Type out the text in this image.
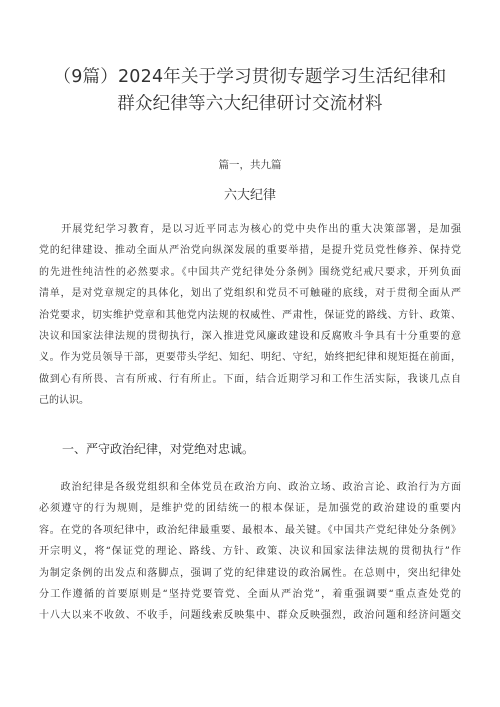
（9篇）2024年关于学习贯彻专题学习生活纪律和
群众纪律等六大纪律研讨交流材料
篇一，共九篇
六大纪律
　　开展党纪学习教育，是以习近平同志为核心的党中央作出的重大决策部署，是加强
党的纪律建设、推动全面从严治党向纵深发展的重要举措，是提升党员党性修养、保持党
的先进性纯洁性的必然要求。《中国共产党纪律处分条例》围绕党纪戒尺要求，开列负面
清单，是对党章规定的具体化，划出了党组织和党员不可触碰的底线，对于贯彻全面从严
治党要求，切实维护党章和其他党内法规的权威性、严肃性，保证党的路线、方针、政策、
决议和国家法律法规的贯彻执行，深入推进党风廉政建设和反腐败斗争具有十分重要的意
义。作为党员领导干部，更要带头学纪、知纪、明纪、守纪，始终把纪律和规矩挺在前面，
做到心有所畏、言有所戒、行有所止。下面，结合近期学习和工作生活实际，我谈几点自
己的认识。
一、严守政治纪律，对党绝对忠诚。
　　政治纪律是各级党组织和全体党员在政治方向、政治立场、政治言论、政治行为方面
必须遵守的行为规则，是维护党的团结统一的根本保证，是加强党的政治建设的重要内
容。在党的各项纪律中，政治纪律最重要、最根本、最关键。《中国共产党纪律处分条例》
开宗明义，将“保证党的理论、路线、方针、政策、决议和国家法律法规的贯彻执行”作
为制定条例的出发点和落脚点，强调了党的纪律建设的政治属性。在总则中，突出纪律处
分工作遵循的首要原则是“坚持党要管党、全面从严治党”，着重强调要“重点查处党的
十八大以来不收敛、不收手，问题线索反映集中、群众反映强烈，政治问题和经济问题交
